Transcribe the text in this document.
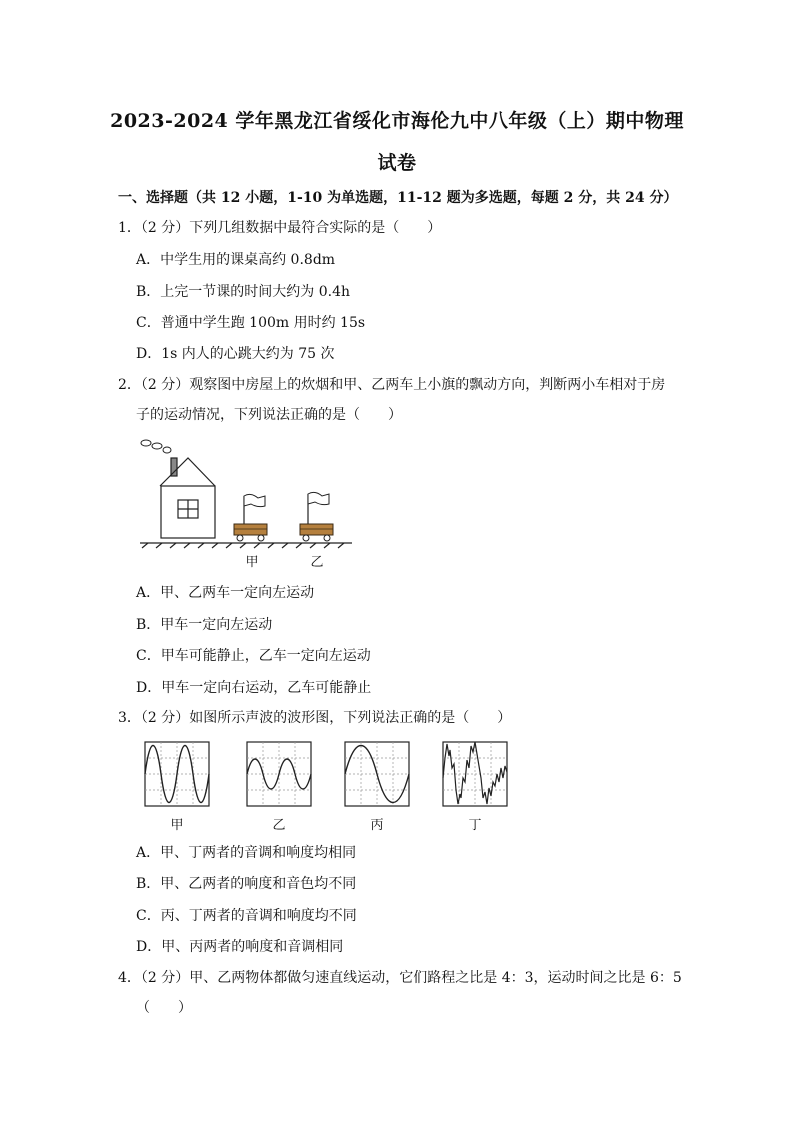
2023-2024 学年黑龙江省绥化市海伦九中八年级（上）期中物理
试卷
一、选择题（共 12 小题，1-10 为单选题，11-12 题为多选题，每题 2 分，共 24 分）
1．（2 分）下列几组数据中最符合实际的是（　　）
A．中学生用的课桌高约 0.8dm
B．上完一节课的时间大约为 0.4h
C．普通中学生跑 100m 用时约 15s
D．1s 内人的心跳大约为 75 次
2．（2 分）观察图中房屋上的炊烟和甲、乙两车上小旗的飘动方向，判断两小车相对于房
子的运动情况，下列说法正确的是（　　）
甲	乙
A．甲、乙两车一定向左运动
B．甲车一定向左运动
C．甲车可能静止，乙车一定向左运动
D．甲车一定向右运动，乙车可能静止
3．（2 分）如图所示声波的波形图，下列说法正确的是（　　）
甲	乙	丙	丁
A．甲、丁两者的音调和响度均相同
B．甲、乙两者的响度和音色均不同
C．丙、丁两者的音调和响度均不同
D．甲、丙两者的响度和音调相同
4．（2 分）甲、乙两物体都做匀速直线运动，它们路程之比是 4：3，运动时间之比是 6：5
（　　）
